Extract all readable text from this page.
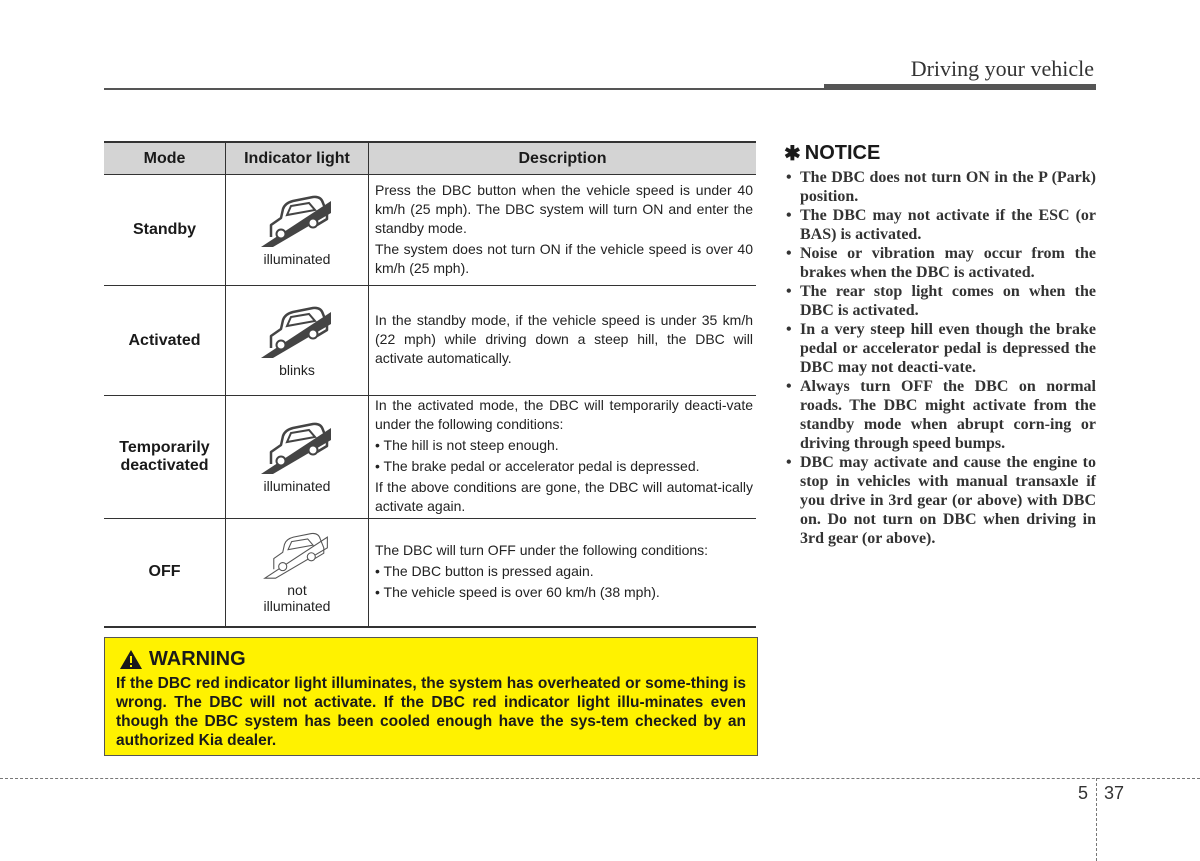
Driving your vehicle
Mode	Indicator light	Description
Standby	illuminated	Press the DBC button when the vehicle speed is under 40 km/h (25 mph). The DBC system will turn ON and enter the standby mode.

The system does not turn ON if the vehicle speed is over 40 km/h (25 mph).

Activated	blinks	In the standby mode, if the vehicle speed is under 35 km/h (22 mph) while driving down a steep hill, the DBC will activate automatically.

Temporarily deactivated	illuminated	In the activated mode, the DBC will temporarily deacti-vate under the following conditions:

• The hill is not steep enough.

• The brake pedal or accelerator pedal is depressed.

If the above conditions are gone, the DBC will automat-ically activate again.

OFF	not illuminated	The DBC will turn OFF under the following conditions:

• The DBC button is pressed again.

• The vehicle speed is over 60 km/h (38 mph).

WARNING
If the DBC red indicator light illuminates, the system has overheated or some-thing is wrong. The DBC will not activate. If the DBC red indicator light illu-minates even though the DBC system has been cooled enough have the sys-tem checked by an authorized Kia dealer.
✱ NOTICE
• The DBC does not turn ON in the P (Park) position.
• The DBC may not activate if the ESC (or BAS) is activated.
• Noise or vibration may occur from the brakes when the DBC is activated.
• The rear stop light comes on when the DBC is activated.
• In a very steep hill even though the brake pedal or accelerator pedal is depressed the DBC may not deacti-vate.
• Always turn OFF the DBC on normal roads. The DBC might activate from the standby mode when abrupt corn-ing or driving through speed bumps.
• DBC may activate and cause the engine to stop in vehicles with manual transaxle if you drive in 3rd gear (or above) with DBC on. Do not turn on DBC when driving in 3rd gear (or above).
5 37
